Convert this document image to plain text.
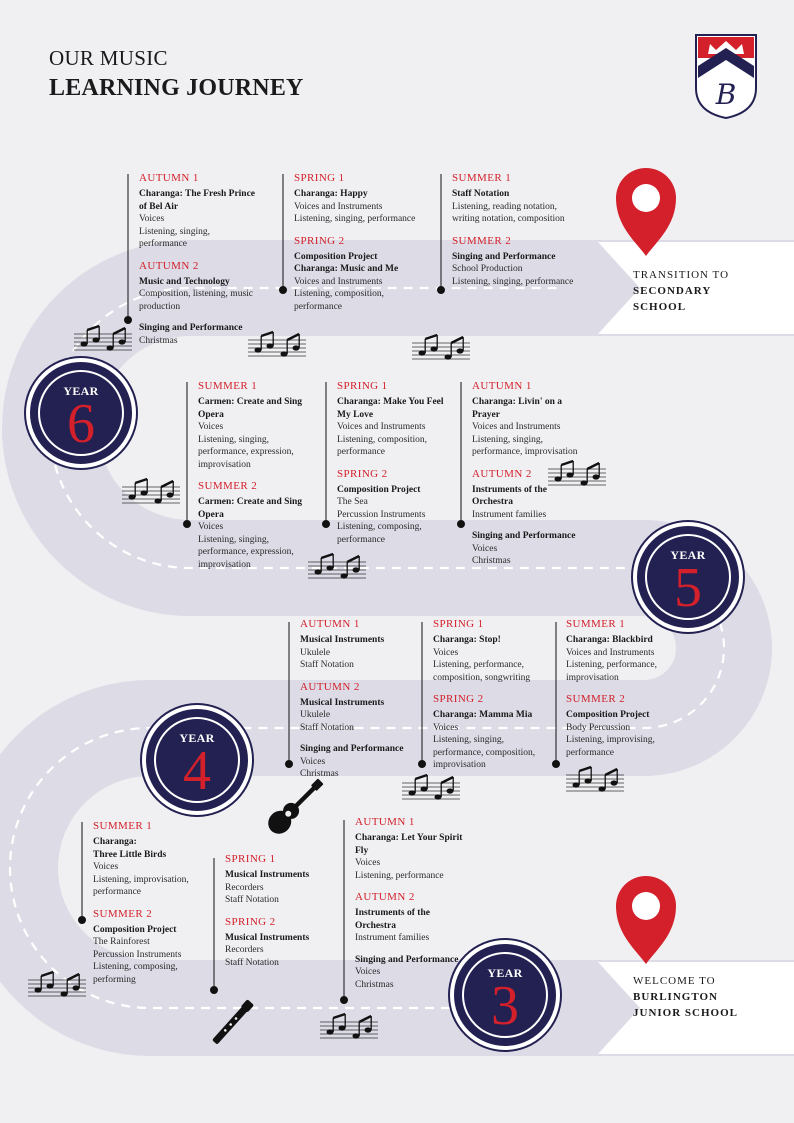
OUR MUSIC
LEARNING JOURNEY	B
YEAR
6
YEAR
5
YEAR
4
YEAR
3
TRANSITION TO
SECONDARY
SCHOOL
WELCOME TO
BURLINGTON
JUNIOR SCHOOL
AUTUMN 1
Charanga: The Fresh Prince of Bel Air
Voices
Listening, singing, performance
AUTUMN 2
Music and Technology
Composition, listening, music production
Singing and Performance
Christmas
SPRING 1
Charanga: Happy
Voices and Instruments
Listening, singing, performance
SPRING 2
Composition Project
Charanga: Music and Me
Voices and Instruments
Listening, composition, performance
SUMMER 1
Staff Notation
Listening, reading notation, writing notation, composition
SUMMER 2
Singing and Performance
School Production
Listening, singing, performance
SUMMER 1
Carmen: Create and Sing Opera
Voices
Listening, singing, performance, expression, improvisation
SUMMER 2
Carmen: Create and Sing Opera
Voices
Listening, singing, performance, expression, improvisation
SPRING 1
Charanga: Make You Feel My Love
Voices and Instruments
Listening, composition, performance
SPRING 2
Composition Project
The Sea
Percussion Instruments
Listening, composing, performance
AUTUMN 1
Charanga: Livin' on a Prayer
Voices and Instruments
Listening, singing, performance, improvisation
AUTUMN 2
Instruments of the Orchestra
Instrument families
Singing and Performance
Voices
Christmas
AUTUMN 1
Musical Instruments
Ukulele
Staff Notation
AUTUMN 2
Musical Instruments
Ukulele
Staff Notation
Singing and Performance
Voices
Christmas
SPRING 1
Charanga: Stop!
Voices
Listening, performance, composition, songwriting
SPRING 2
Charanga: Mamma Mia
Voices
Listening, singing, performance, composition, improvisation
SUMMER 1
Charanga: Blackbird
Voices and Instruments
Listening, performance, improvisation
SUMMER 2
Composition Project
Body Percussion
Listening, improvising, performance
SUMMER 1
Charanga:
Three Little Birds
Voices
Listening, improvisation, performance
SUMMER 2
Composition Project
The Rainforest
Percussion Instruments
Listening, composing, performing
SPRING 1
Musical Instruments
Recorders
Staff Notation
SPRING 2
Musical Instruments
Recorders
Staff Notation
AUTUMN 1
Charanga: Let Your Spirit Fly
Voices
Listening, performance
AUTUMN 2
Instruments of the Orchestra
Instrument families
Singing and Performance
Voices
Christmas
